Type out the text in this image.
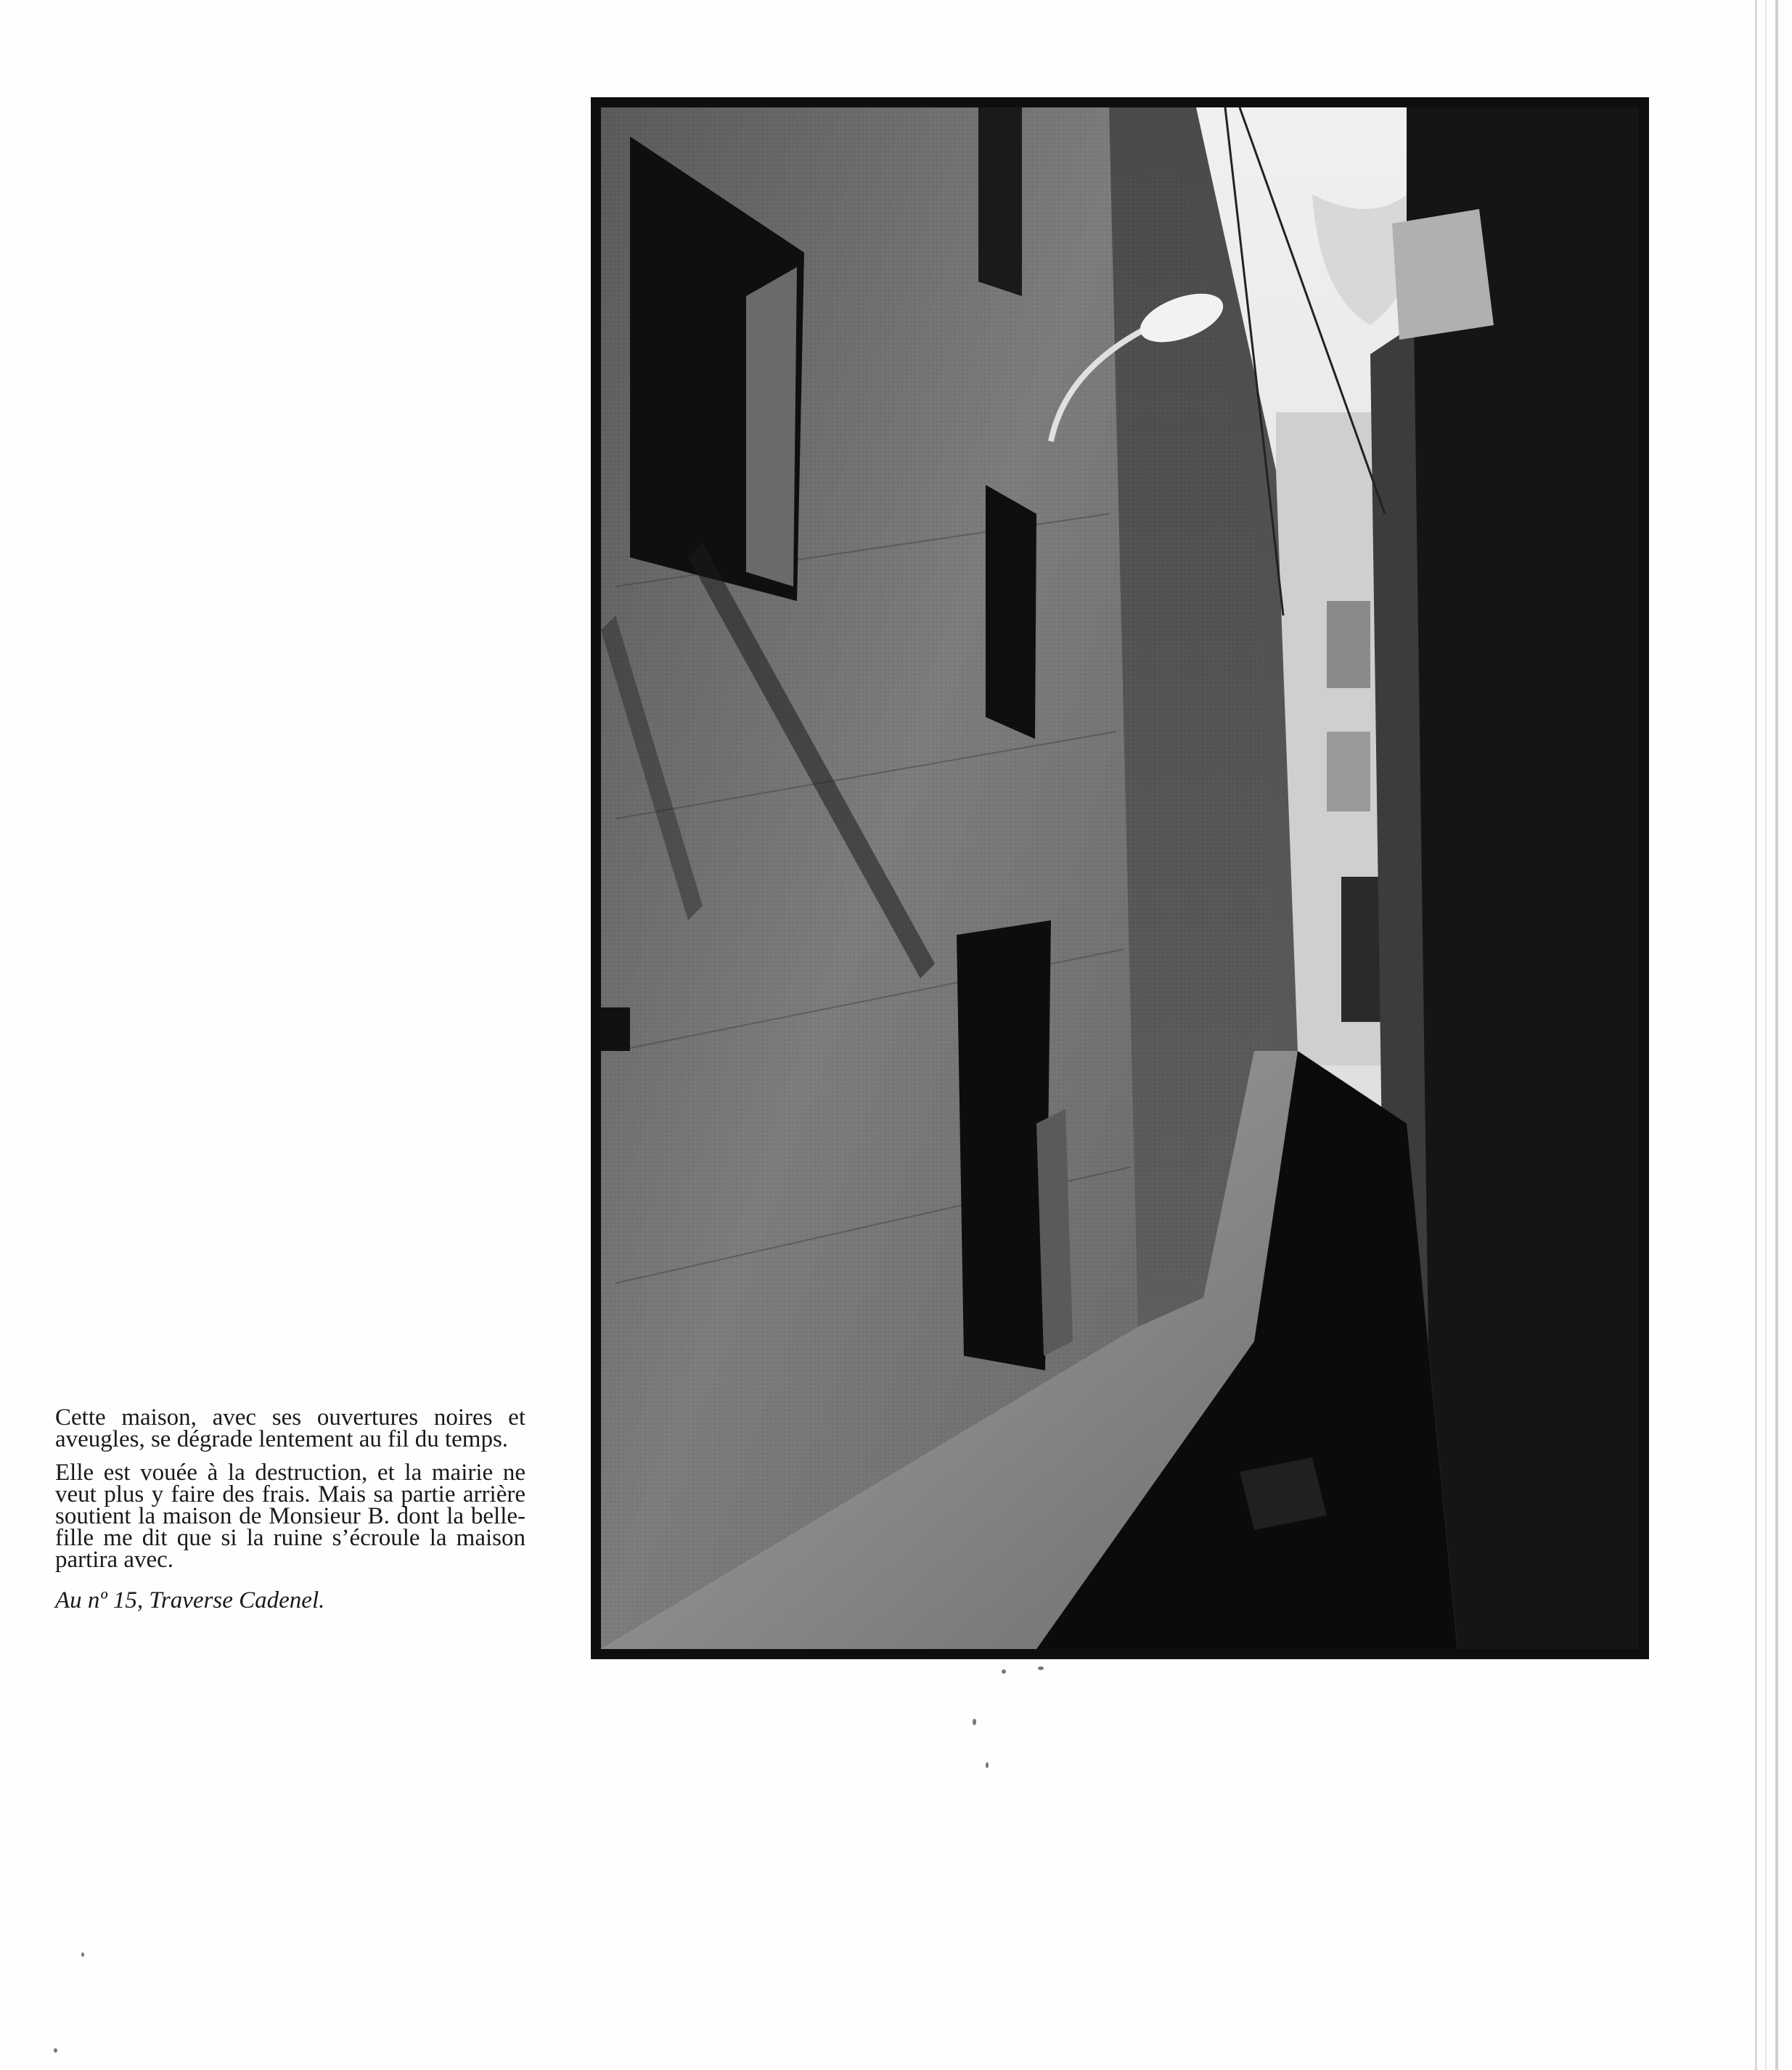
Cette maison, avec ses ouvertures noires et aveugles, se dégrade lentement au fil du temps.

Elle est vouée à la destruction, et la mairie ne veut plus y faire des frais. Mais sa partie arrière soutient la maison de Monsieur B. dont la belle-fille me dit que si la ruine s’écroule la maison partira avec.

Au nº 15, Traverse Cadenel.
